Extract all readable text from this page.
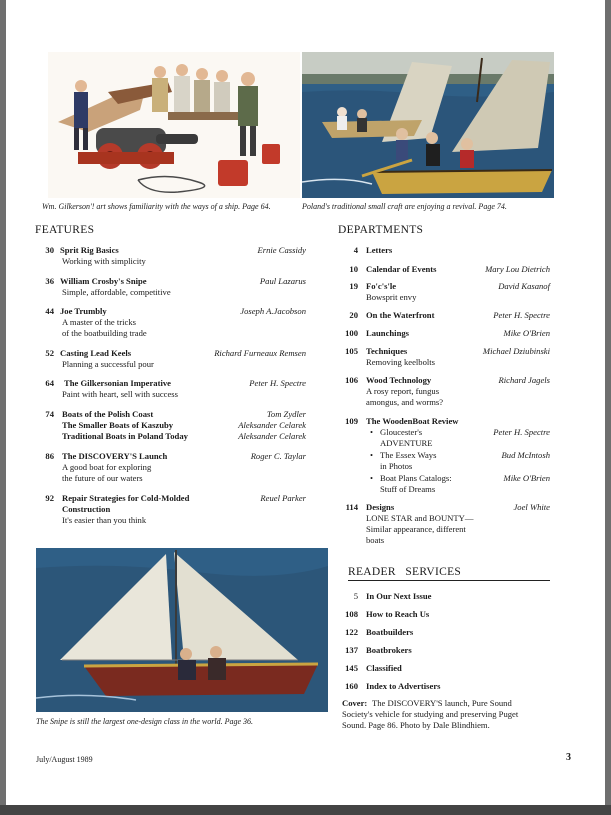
Wm. Gilkerson'! art shows familiarity with the ways of a ship. Page 64.	Poland's traditional small craft are enjoying a revival. Page 74.
FEATURES
30 Sprit Rig Basics	Ernie Cassidy
Working with simplicity
36 William Crosby's Snipe	Paul Lazarus
Simple, affordable, competitive
44 Joe Trumbly	Joseph A.Jacobson
A master of the tricks
of the boatbuilding trade
52 Casting Lead Keels	Richard Furneaux Remsen
Planning a successful pour
64 The Gilkersonian Imperative	Peter H. Spectre
Paint with heart, sell with success
74 Boats of the Polish Coast	Tom Zydler
The Smaller Boats of Kaszuby	Aleksander Celarek
Traditional Boats in Poland Today	Aleksander Celarek
86 The DISCOVERY'S Launch	Roger C. Taylar
A good boat for exploring
the future of our waters
92 Repair Strategies for Cold-Molded	Reuel Parker
Construction
It's easier than you think
The Snipe is still the largest one-design class in the world. Page 36.
DEPARTMENTS
4 Letters
10 Calendar of Events	Mary Lou Dietrich
19 Fo'c's'le	David Kasanof
Bowsprit envy
20 On the Waterfront	Peter H. Spectre
100 Launchings	Mike O'Brien
105 Techniques	Michael Dziubinski
Removing keelbolts
106 Wood Technology	Richard Jagels
A rosy report, fungus
amongus, and worms?
109 The WoodenBoat Review
• Gloucester's	Peter H. Spectre
ADVENTURE
• The Essex Ways	Bud McIntosh
in Photos
• Boat Plans Catalogs:	Mike O'Brien
Stuff of Dreams
114 Designs	Joel White
LONE STAR and BOUNTY—
Similar appearance, different
boats
READER   SERVICES
5 In Our Next Issue
108 How to Reach Us
122 Boatbuilders
137 Boatbrokers
145 Classified
160 Index to Advertisers
Cover: The DISCOVERY'S launch, Pure Sound
Society's vehicle for studying and preserving Puget
Sound. Page 86. Photo by Dale Blindhiem.
July/August 1989	3
